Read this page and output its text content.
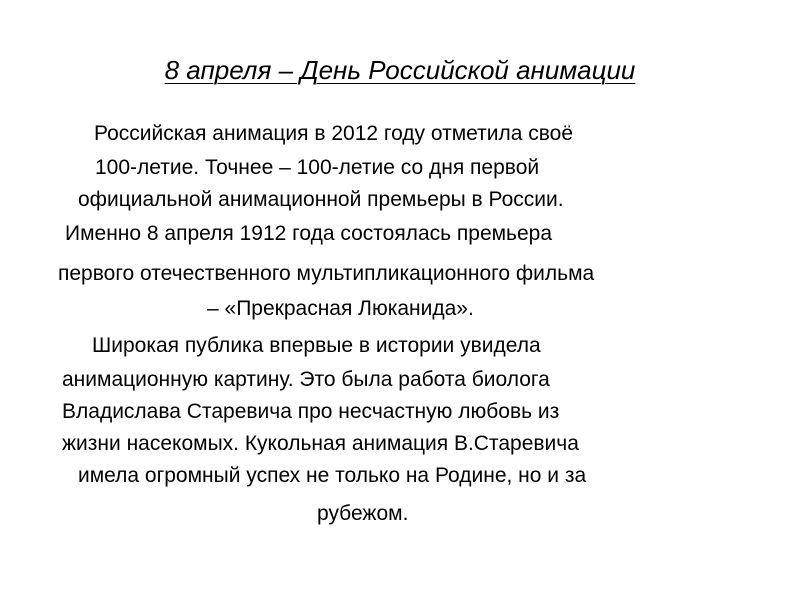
8 апреля – День Российской анимации
Российская анимация в 2012 году отметила своё
100-летие. Точнее – 100-летие со дня первой
официальной анимационной премьеры в России.
Именно 8 апреля 1912 года состоялась премьера
первого отечественного мультипликационного фильма
– «Прекрасная Люканида».
Широкая публика впервые в истории увидела
анимационную картину. Это была работа биолога
Владислава Старевича про несчастную любовь из
жизни насекомых. Кукольная анимация В.Старевича
имела огромный успех не только на Родине, но и за
рубежом.
